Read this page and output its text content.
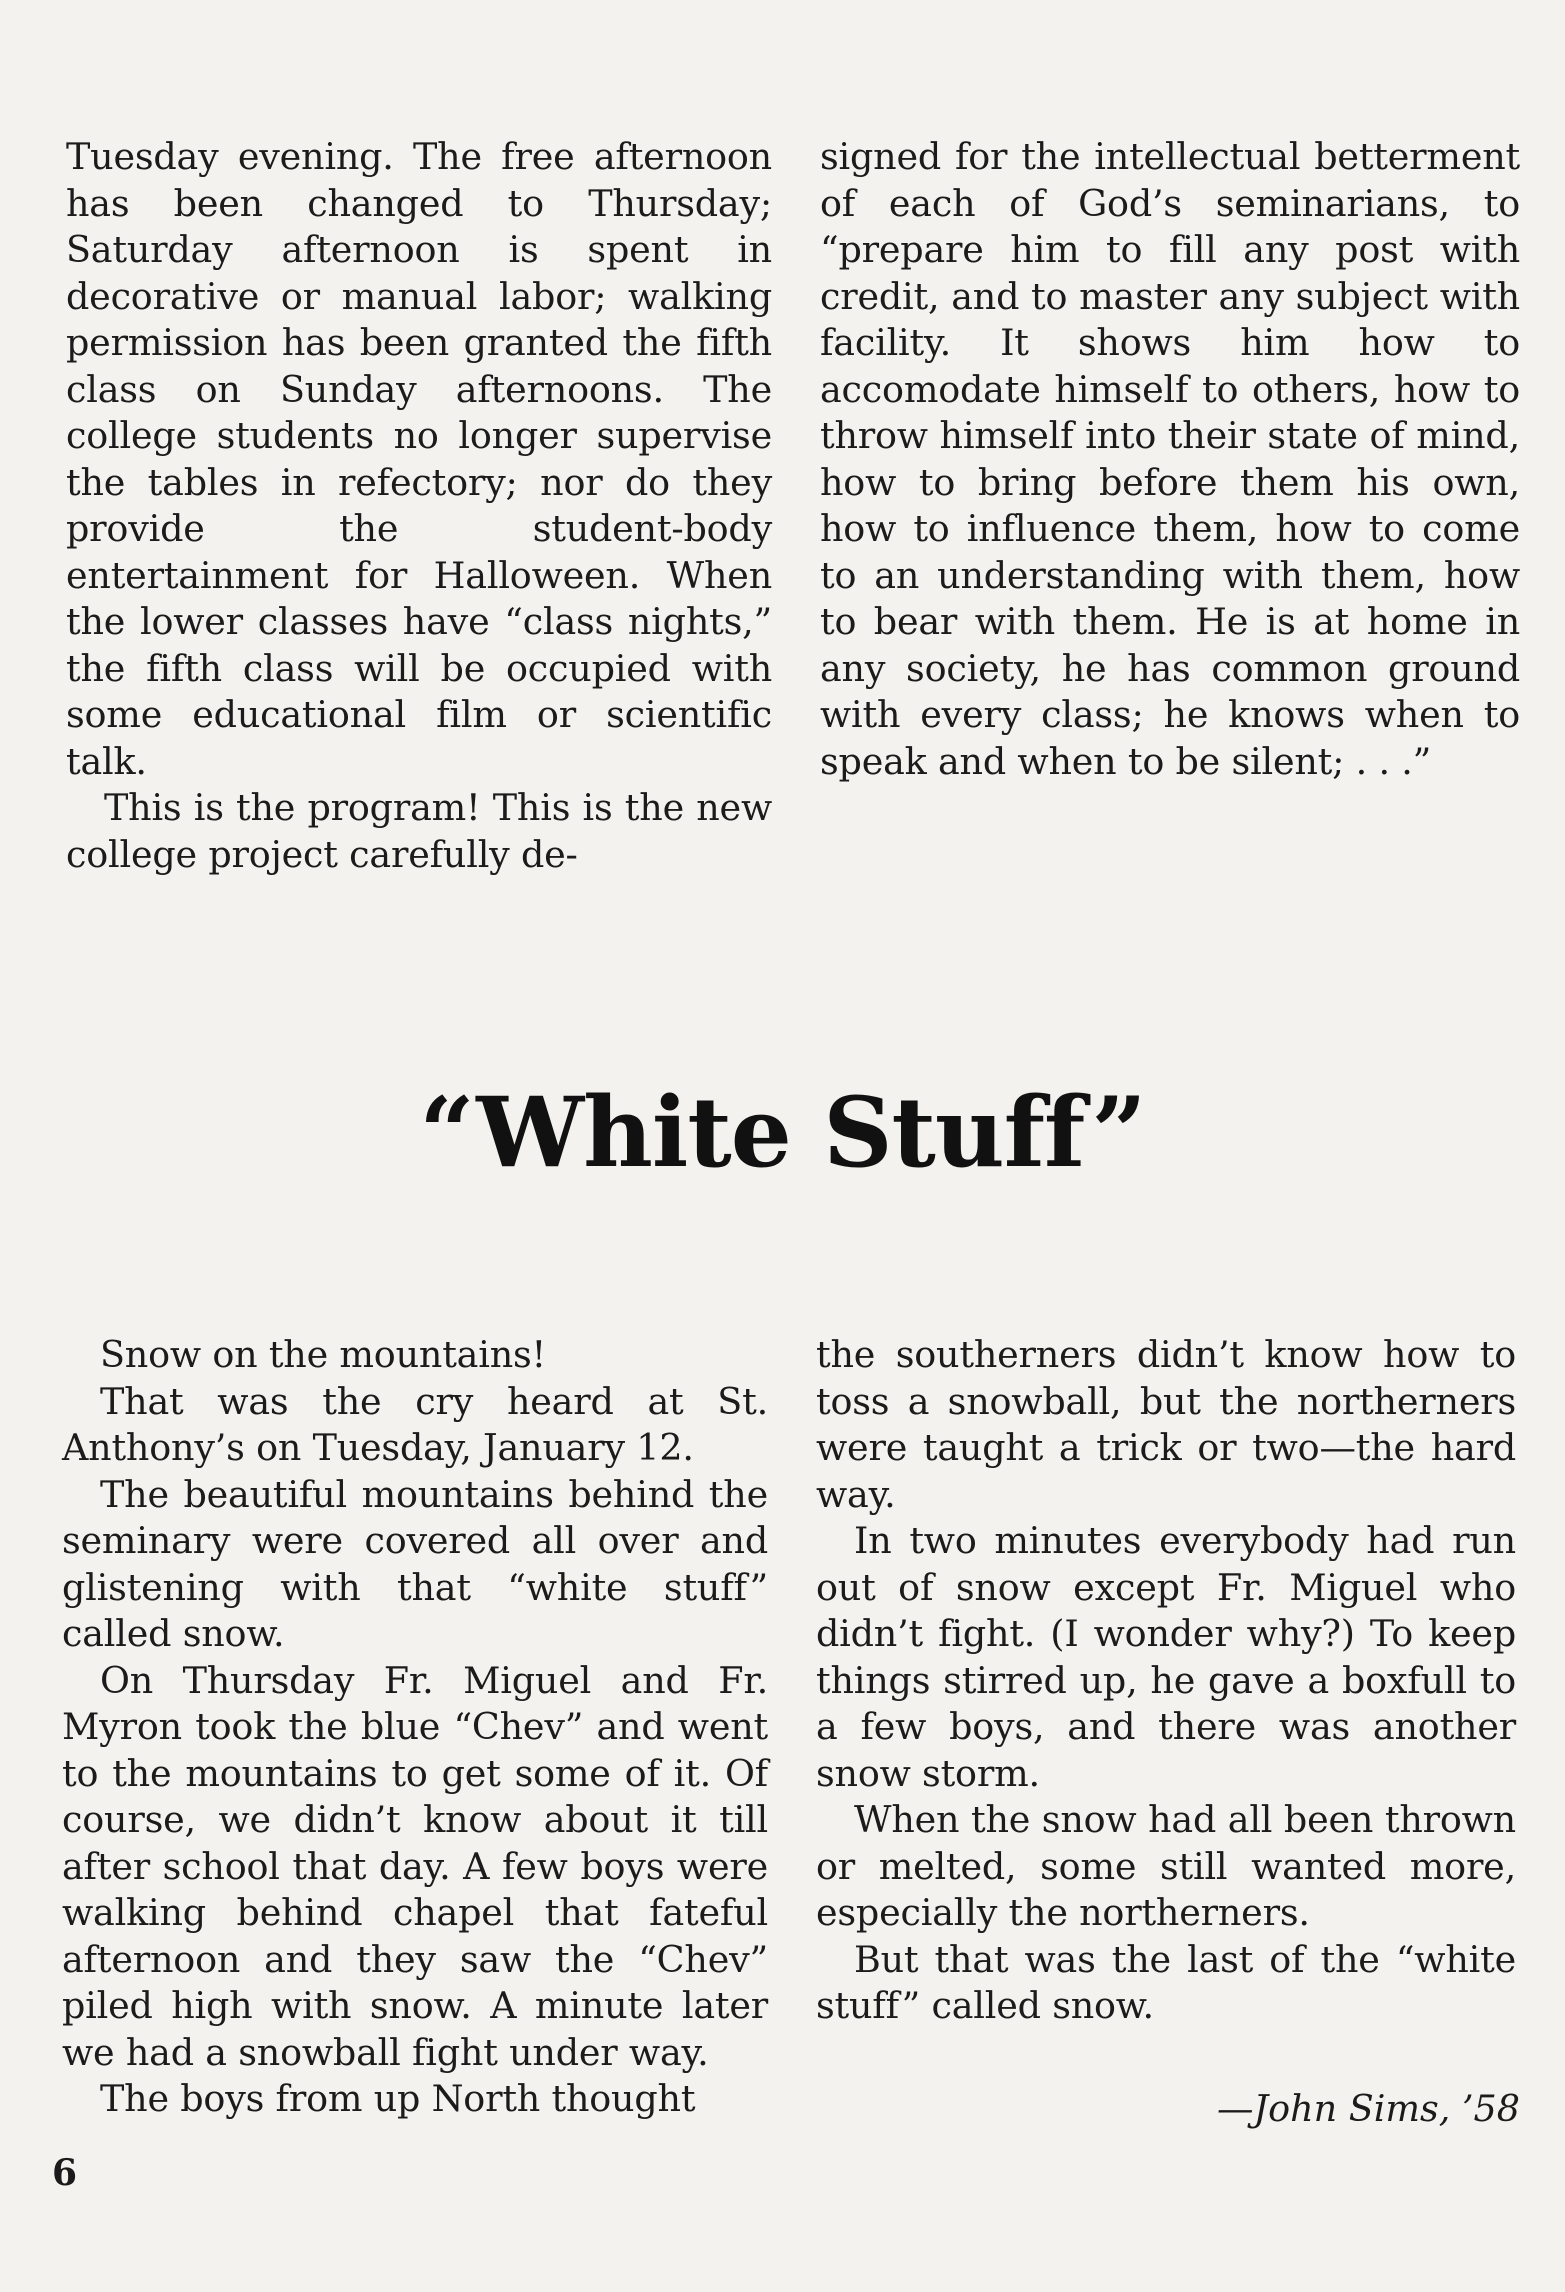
Tuesday evening. The free afternoon has been changed to Thursday; Saturday afternoon is spent in decorative or manual labor; walking permission has been granted the fifth class on Sunday afternoons. The college students no longer supervise the tables in refectory; nor do they provide the student-body entertainment for Halloween. When the lower classes have “class nights,” the fifth class will be occupied with some educational film or scientific talk.

This is the program! This is the new college project carefully de-

signed for the intellectual betterment of each of God’s seminarians, to “prepare him to fill any post with credit, and to master any subject with facility. It shows him how to accomodate himself to others, how to throw himself into their state of mind, how to bring before them his own, how to influence them, how to come to an understanding with them, how to bear with them. He is at home in any society, he has common ground with every class; he knows when to speak and when to be silent; . . .”

“White Stuff”

Snow on the mountains!

That was the cry heard at St. Anthony’s on Tuesday, January 12.

The beautiful mountains behind the seminary were covered all over and glistening with that “white stuff” called snow.

On Thursday Fr. Miguel and Fr. Myron took the blue “Chev” and went to the mountains to get some of it. Of course, we didn’t know about it till after school that day. A few boys were walking behind chapel that fateful afternoon and they saw the “Chev” piled high with snow. A minute later we had a snowball fight under way.

The boys from up North thought

the southerners didn’t know how to toss a snowball, but the northerners were taught a trick or two—the hard way.

In two minutes everybody had run out of snow except Fr. Miguel who didn’t fight. (I wonder why?) To keep things stirred up, he gave a boxfull to a few boys, and there was another snow storm.

When the snow had all been thrown or melted, some still wanted more, especially the northerners.

But that was the last of the “white stuff” called snow.

—John Sims, ’58
6
